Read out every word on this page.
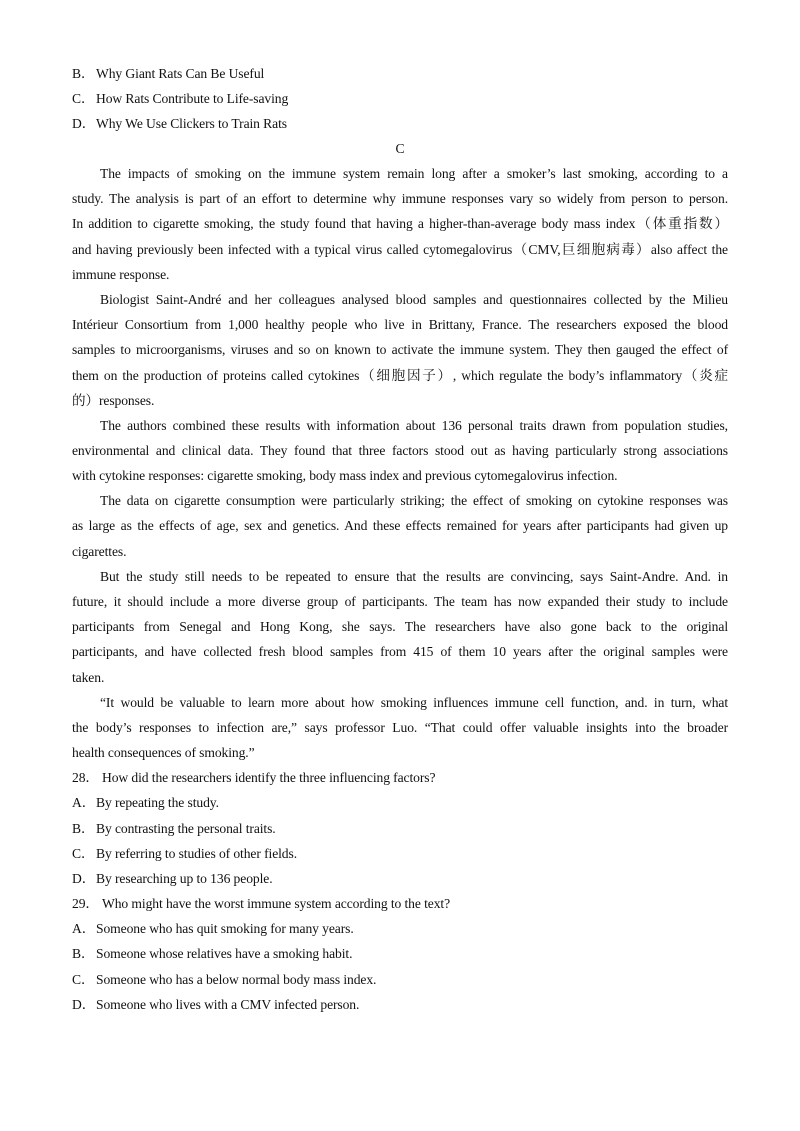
B． Why Giant Rats Can Be Useful
C． How Rats Contribute to Life-saving
D．Why We Use Clickers to Train Rats
C
The impacts of smoking on the immune system remain long after a smoker’s last smoking, according to a
study. The analysis is part of an effort to determine why immune responses vary so widely from person to person.
In addition to cigarette smoking, the study found that having a higher-than-average body mass index（体重指数）
and having previously been infected with a typical virus called cytomegalovirus（CMV,巨细胞病毒）also affect the
immune response.
Biologist Saint-André and her colleagues analysed blood samples and questionnaires collected by the Milieu
Intérieur Consortium from 1,000 healthy people who live in Brittany, France. The researchers exposed the blood
samples to microorganisms, viruses and so on known to activate the immune system. They then gauged the effect of
them on the production of proteins called cytokines（细胞因子）, which regulate the body’s inflammatory（炎症
的）responses.
The authors combined these results with information about 136 personal traits drawn from population studies,
environmental and clinical data. They found that three factors stood out as having particularly strong associations
with cytokine responses: cigarette smoking, body mass index and previous cytomegalovirus infection.
The data on cigarette consumption were particularly striking; the effect of smoking on cytokine responses was
as large as the effects of age, sex and genetics. And these effects remained for years after participants had given up
cigarettes.
But the study still needs to be repeated to ensure that the results are convincing, says Saint-Andre. And. in
future, it should include a more diverse group of participants. The team has now expanded their study to include
participants from Senegal and Hong Kong, she says. The researchers have also gone back to the original
participants, and have collected fresh blood samples from 415 of them 10 years after the original samples were
taken.
“It would be valuable to learn more about how smoking influences immune cell function, and. in turn, what
the body’s responses to infection are,” says professor Luo. “That could offer valuable insights into the broader
health consequences of smoking.”
28． How did the researchers identify the three influencing factors?
A．By repeating the study.
B． By contrasting the personal traits.
C． By referring to studies of other fields.
D．By researching up to 136 people.
29． Who might have the worst immune system according to the text?
A．Someone who has quit smoking for many years.
B． Someone whose relatives have a smoking habit.
C． Someone who has a below normal body mass index.
D．Someone who lives with a CMV infected person.
